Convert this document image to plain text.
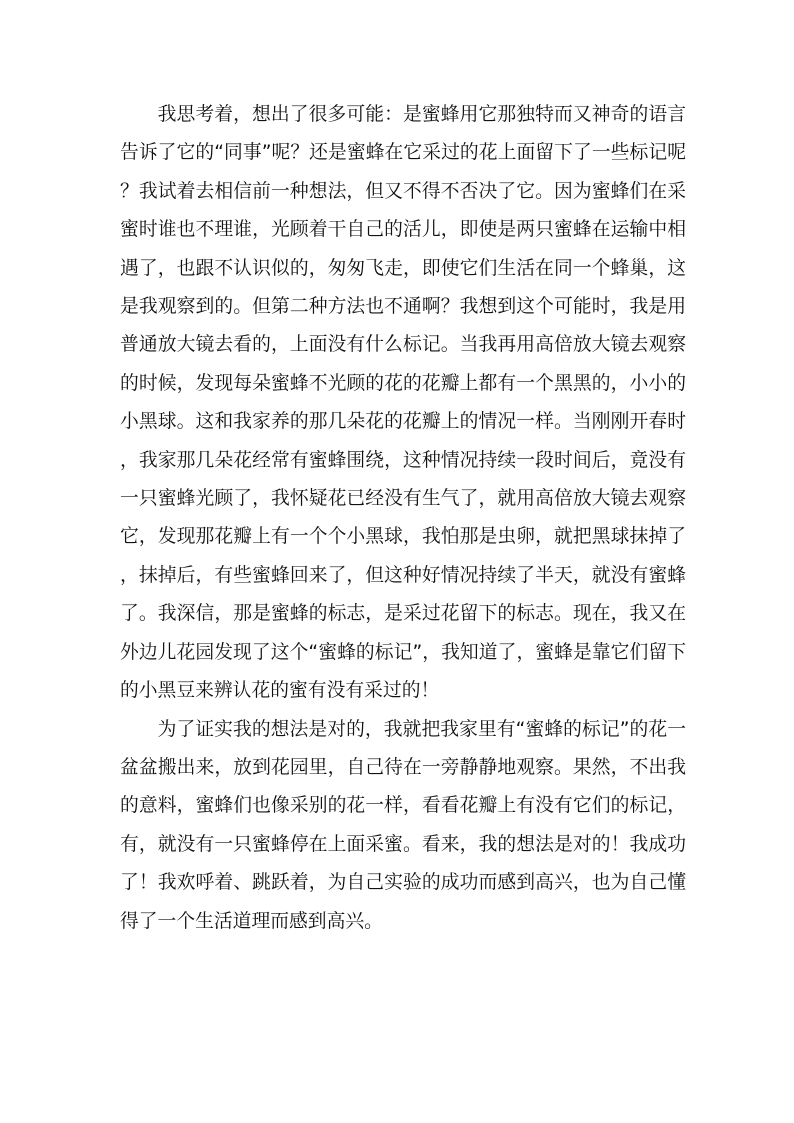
我思考着，想出了很多可能：是蜜蜂用它那独特而又神奇的语言告诉了它的“同事”呢？还是蜜蜂在它采过的花上面留下了一些标记呢？我试着去相信前一种想法，但又不得不否决了它。因为蜜蜂们在采蜜时谁也不理谁，光顾着干自己的活儿，即使是两只蜜蜂在运输中相遇了，也跟不认识似的，匆匆飞走，即使它们生活在同一个蜂巢，这是我观察到的。但第二种方法也不通啊？我想到这个可能时，我是用普通放大镜去看的，上面没有什么标记。当我再用高倍放大镜去观察的时候，发现每朵蜜蜂不光顾的花的花瓣上都有一个黑黑的，小小的小黑球。这和我家养的那几朵花的花瓣上的情况一样。当刚刚开春时，我家那几朵花经常有蜜蜂围绕，这种情况持续一段时间后，竟没有一只蜜蜂光顾了，我怀疑花已经没有生气了，就用高倍放大镜去观察它，发现那花瓣上有一个个小黑球，我怕那是虫卵，就把黑球抹掉了，抹掉后，有些蜜蜂回来了，但这种好情况持续了半天，就没有蜜蜂了。我深信，那是蜜蜂的标志，是采过花留下的标志。现在，我又在外边儿花园发现了这个“蜜蜂的标记”，我知道了，蜜蜂是靠它们留下的小黑豆来辨认花的蜜有没有采过的！

为了证实我的想法是对的，我就把我家里有“蜜蜂的标记”的花一盆盆搬出来，放到花园里，自己待在一旁静静地观察。果然，不出我的意料，蜜蜂们也像采别的花一样，看看花瓣上有没有它们的标记，有，就没有一只蜜蜂停在上面采蜜。看来，我的想法是对的！我成功了！我欢呼着、跳跃着，为自己实验的成功而感到高兴，也为自己懂得了一个生活道理而感到高兴。
